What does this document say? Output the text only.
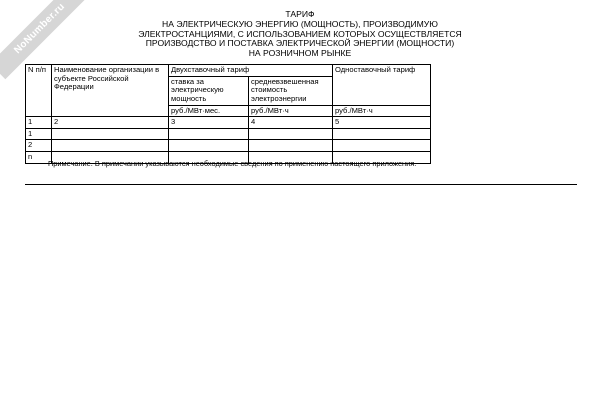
NoNumber.ru	ТАРИФ
НА ЭЛЕКТРИЧЕСКУЮ ЭНЕРГИЮ (МОЩНОСТЬ), ПРОИЗВОДИМУЮ
ЭЛЕКТРОСТАНЦИЯМИ, С ИСПОЛЬЗОВАНИЕМ КОТОРЫХ ОСУЩЕСТВЛЯЕТСЯ
ПРОИЗВОДСТВО И ПОСТАВКА ЭЛЕКТРИЧЕСКОЙ ЭНЕРГИИ (МОЩНОСТИ)
НА РОЗНИЧНОМ РЫНКЕ
N п/п	Наименование организации в субъекте Российской Федерации	Двухставочный тариф		Одноставочный тариф
		ставка за электрическую мощность	средневзвешенная стоимость электроэнергии	
		руб./МВт·мес.	руб./МВт·ч	руб./МВт·ч
1	2	3	4	5
1				
2				
n				
Примечание. В примечании указываются необходимые сведения по применению настоящего приложения.
